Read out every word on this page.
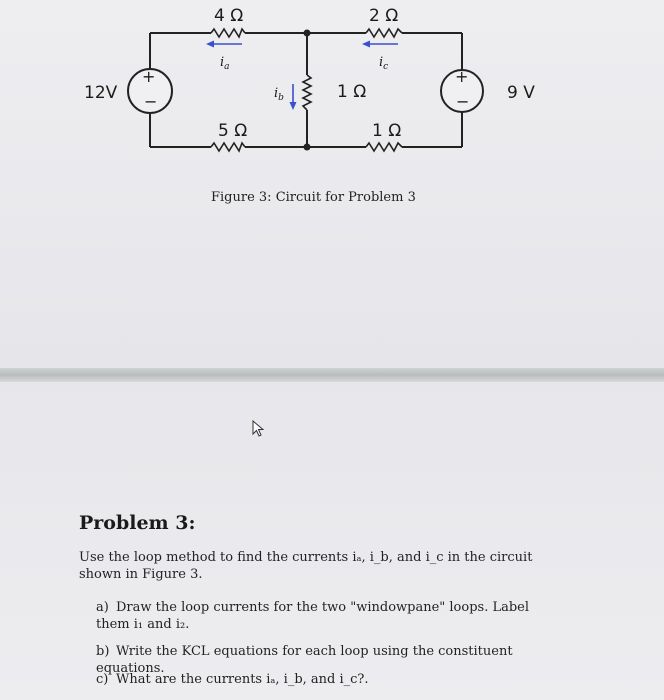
+
−
+
−
12V	9 V
4 Ω	2 Ω
1 Ω
5 Ω	1 Ω
$i_a$	$i_c$
$i_b$
Figure 3: Circuit for Problem 3
Problem 3:
Use the loop method to find the currents iₐ, i_b, and i_c in the circuit shown in Figure 3.
a) Draw the loop currents for the two "windowpane" loops. Label them i₁ and i₂.
b) Write the KCL equations for each loop using the constituent equations.
c) What are the currents iₐ, i_b, and i_c?.
